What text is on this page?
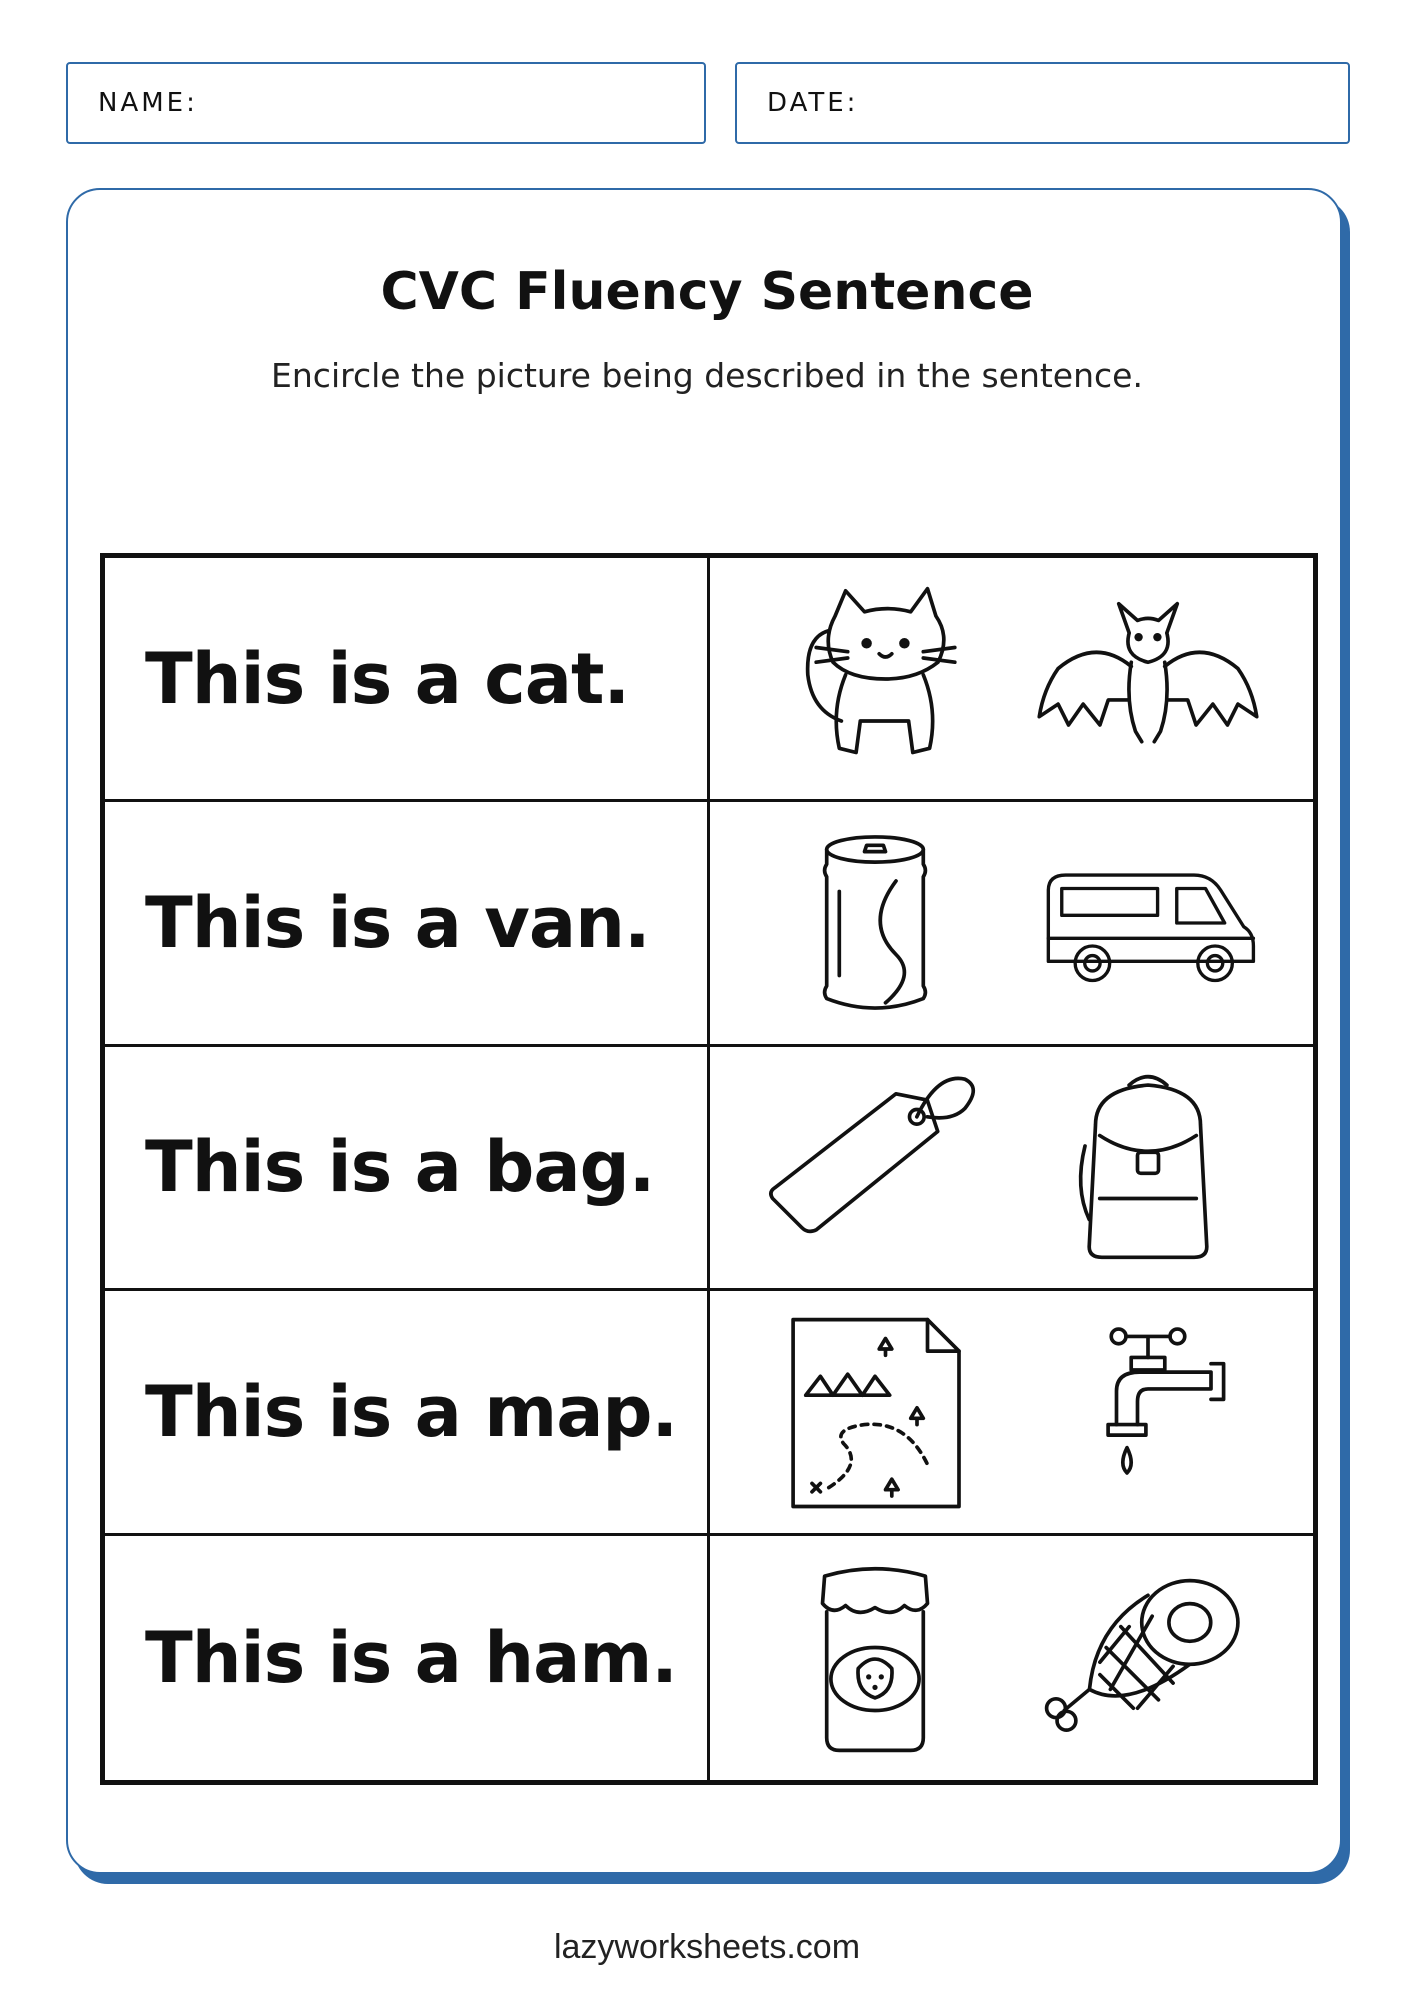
NAME:	DATE:
CVC Fluency Sentence
Encircle the picture being described in the sentence.
This is a cat.
This is a van.
This is a bag.
This is a map.
This is a ham.
lazyworksheets.com
